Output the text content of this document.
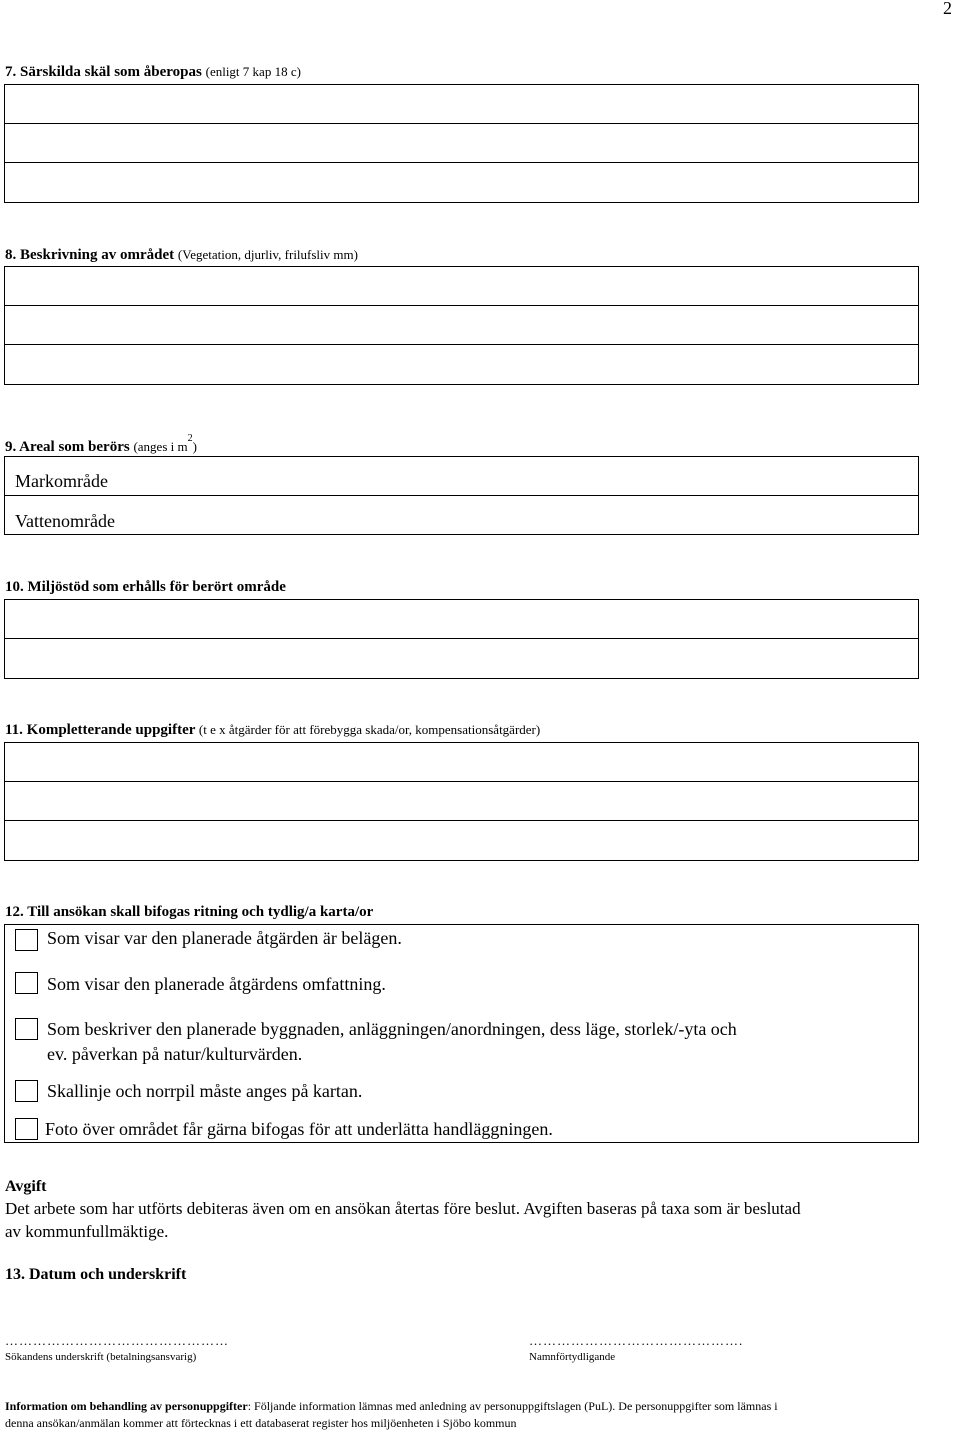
2
7. Särskilda skäl som åberopas (enligt 7 kap 18 c)
8. Beskrivning av området (Vegetation, djurliv, frilufsliv mm)
9. Areal som berörs (anges i $m^2$)
Markområde
Vattenområde
10. Miljöstöd som erhålls för berört område
11. Kompletterande uppgifter (t e x åtgärder för att förebygga skada/or, kompensationsåtgärder)
12. Till ansökan skall bifogas ritning och tydlig/a karta/or
Som visar var den planerade åtgärden är belägen.
Som visar den planerade åtgärdens omfattning.
Som beskriver den planerade byggnaden, anläggningen/anordningen, dess läge, storlek/-yta och
ev. påverkan på natur/kulturvärden.
Skallinje och norrpil måste anges på kartan.
Foto över området får gärna bifogas för att underlätta handläggningen.
Avgift
Det arbete som har utförts debiteras även om en ansökan återtas före beslut. Avgiften baseras på taxa som är beslutad
av kommunfullmäktige.
13. Datum och underskrift
…………………………………………	……………………………………….
Sökandens underskrift (betalningsansvarig)	Namnförtydligande
Information om behandling av personuppgifter: Följande information lämnas med anledning av personuppgiftslagen (PuL). De personuppgifter som lämnas i
denna ansökan/anmälan kommer att förtecknas i ett databaserat register hos miljöenheten i Sjöbo kommun
